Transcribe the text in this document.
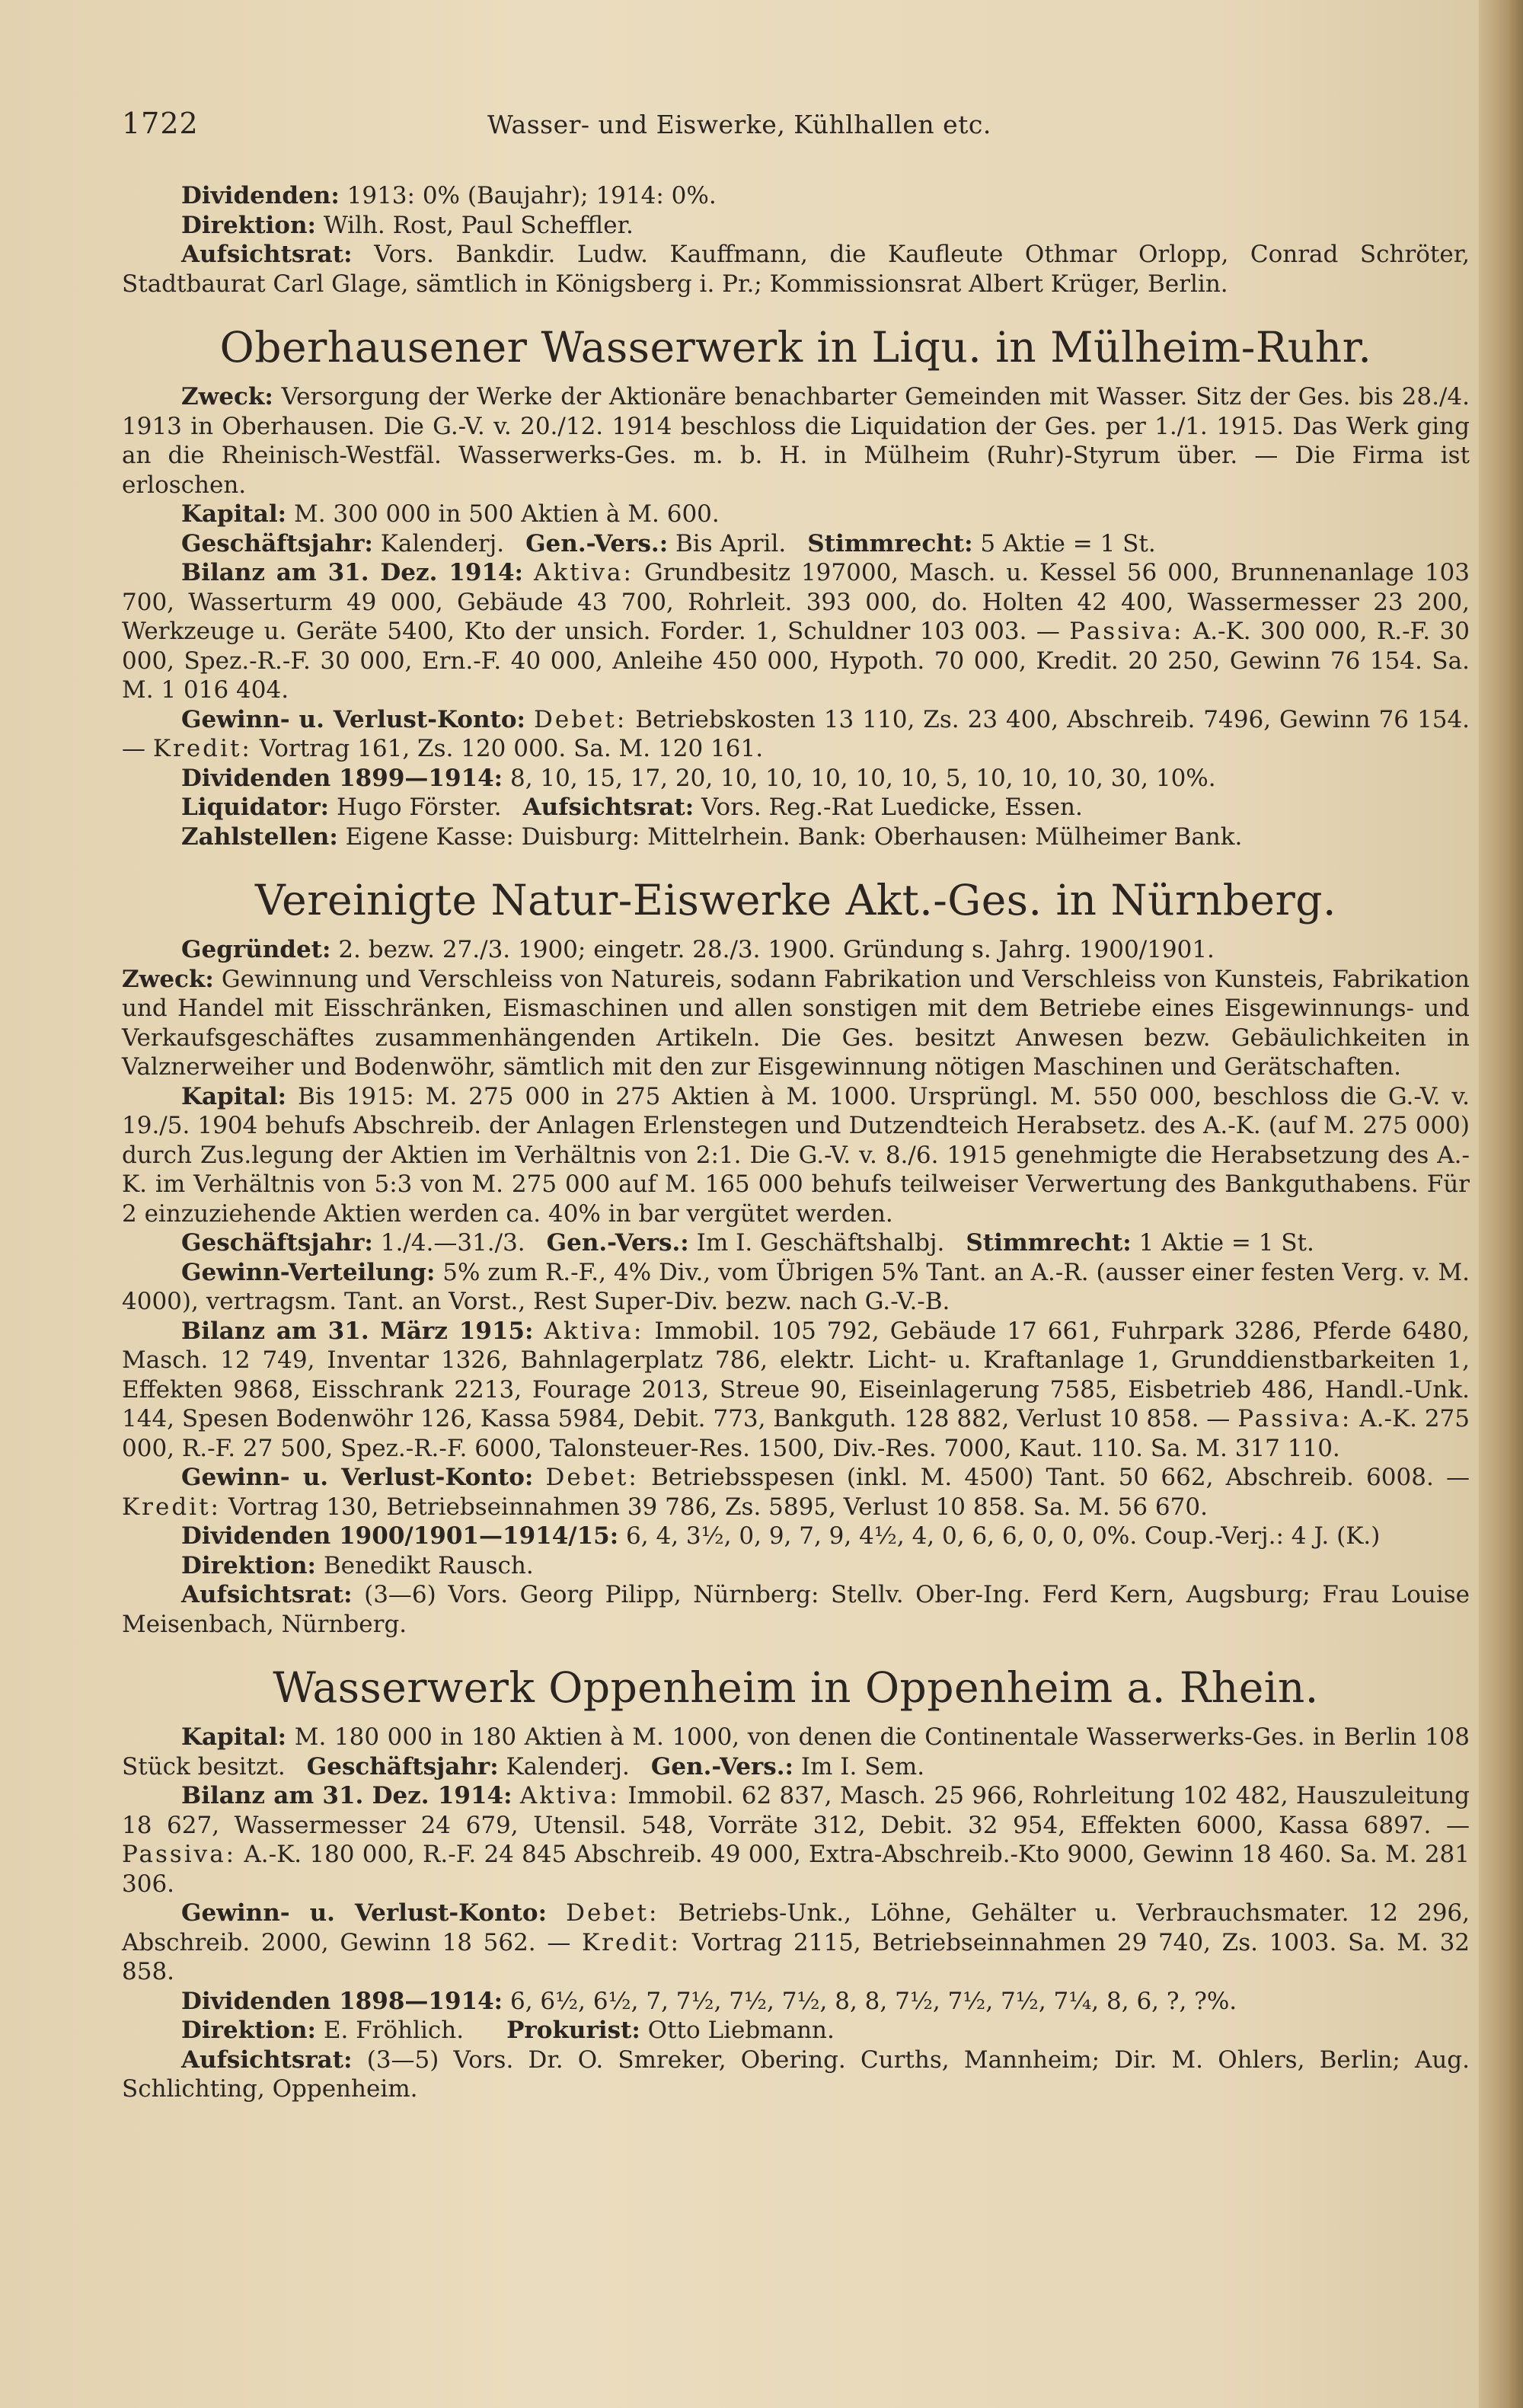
1722	Wasser- und Eiswerke, Kühlhallen etc.

Dividenden: 1913: 0% (Baujahr); 1914: 0%.

Direktion: Wilh. Rost, Paul Scheffler.

Aufsichtsrat: Vors. Bankdir. Ludw. Kauffmann, die Kaufleute Othmar Orlopp, Conrad Schröter, Stadtbaurat Carl Glage, sämtlich in Königsberg i. Pr.; Kommissionsrat Albert Krüger, Berlin.

Oberhausener Wasserwerk in Liqu. in Mülheim-Ruhr.

Zweck: Versorgung der Werke der Aktionäre benachbarter Gemeinden mit Wasser. Sitz der Ges. bis 28./4. 1913 in Oberhausen. Die G.-V. v. 20./12. 1914 beschloss die Liquidation der Ges. per 1./1. 1915. Das Werk ging an die Rheinisch-Westfäl. Wasserwerks-Ges. m. b. H. in Mülheim (Ruhr)-Styrum über. — Die Firma ist erloschen.

Kapital: M. 300 000 in 500 Aktien à M. 600.

Geschäftsjahr: Kalenderj. Gen.-Vers.: Bis April. Stimmrecht: 5 Aktie = 1 St.

Bilanz am 31. Dez. 1914: Aktiva: Grundbesitz 197000, Masch. u. Kessel 56 000, Brunnenanlage 103 700, Wasserturm 49 000, Gebäude 43 700, Rohrleit. 393 000, do. Holten 42 400, Wassermesser 23 200, Werkzeuge u. Geräte 5400, Kto der unsich. Forder. 1, Schuldner 103 003. — Passiva: A.-K. 300 000, R.-F. 30 000, Spez.-R.-F. 30 000, Ern.-F. 40 000, Anleihe 450 000, Hypoth. 70 000, Kredit. 20 250, Gewinn 76 154. Sa. M. 1 016 404.

Gewinn- u. Verlust-Konto: Debet: Betriebskosten 13 110, Zs. 23 400, Abschreib. 7496, Gewinn 76 154. — Kredit: Vortrag 161, Zs. 120 000. Sa. M. 120 161.

Dividenden 1899—1914: 8, 10, 15, 17, 20, 10, 10, 10, 10, 10, 5, 10, 10, 10, 30, 10%.

Liquidator: Hugo Förster. Aufsichtsrat: Vors. Reg.-Rat Luedicke, Essen.

Zahlstellen: Eigene Kasse: Duisburg: Mittelrhein. Bank: Oberhausen: Mülheimer Bank.

Vereinigte Natur-Eiswerke Akt.-Ges. in Nürnberg.

Gegründet: 2. bezw. 27./3. 1900; eingetr. 28./3. 1900. Gründung s. Jahrg. 1900/1901.

Zweck: Gewinnung und Verschleiss von Natureis, sodann Fabrikation und Verschleiss von Kunsteis, Fabrikation und Handel mit Eisschränken, Eismaschinen und allen sonstigen mit dem Betriebe eines Eisgewinnungs- und Verkaufsgeschäftes zusammenhängenden Artikeln. Die Ges. besitzt Anwesen bezw. Gebäulichkeiten in Valznerweiher und Bodenwöhr, sämtlich mit den zur Eisgewinnung nötigen Maschinen und Gerätschaften.

Kapital: Bis 1915: M. 275 000 in 275 Aktien à M. 1000. Ursprüngl. M. 550 000, beschloss die G.-V. v. 19./5. 1904 behufs Abschreib. der Anlagen Erlenstegen und Dutzendteich Herabsetz. des A.-K. (auf M. 275 000) durch Zus.legung der Aktien im Verhältnis von 2:1. Die G.-V. v. 8./6. 1915 genehmigte die Herabsetzung des A.-K. im Verhältnis von 5:3 von M. 275 000 auf M. 165 000 behufs teilweiser Verwertung des Bankguthabens. Für 2 einzuziehende Aktien werden ca. 40% in bar vergütet werden.

Geschäftsjahr: 1./4.—31./3. Gen.-Vers.: Im I. Geschäftshalbj. Stimmrecht: 1 Aktie = 1 St.

Gewinn-Verteilung: 5% zum R.-F., 4% Div., vom Übrigen 5% Tant. an A.-R. (ausser einer festen Verg. v. M. 4000), vertragsm. Tant. an Vorst., Rest Super-Div. bezw. nach G.-V.-B.

Bilanz am 31. März 1915: Aktiva: Immobil. 105 792, Gebäude 17 661, Fuhrpark 3286, Pferde 6480, Masch. 12 749, Inventar 1326, Bahnlagerplatz 786, elektr. Licht- u. Kraftanlage 1, Grunddienstbarkeiten 1, Effekten 9868, Eisschrank 2213, Fourage 2013, Streue 90, Eiseinlagerung 7585, Eisbetrieb 486, Handl.-Unk. 144, Spesen Bodenwöhr 126, Kassa 5984, Debit. 773, Bankguth. 128 882, Verlust 10 858. — Passiva: A.-K. 275 000, R.-F. 27 500, Spez.-R.-F. 6000, Talonsteuer-Res. 1500, Div.-Res. 7000, Kaut. 110. Sa. M. 317 110.

Gewinn- u. Verlust-Konto: Debet: Betriebsspesen (inkl. M. 4500) Tant. 50 662, Abschreib. 6008. — Kredit: Vortrag 130, Betriebseinnahmen 39 786, Zs. 5895, Verlust 10 858. Sa. M. 56 670.

Dividenden 1900/1901—1914/15: 6, 4, 3½, 0, 9, 7, 9, 4½, 4, 0, 6, 6, 0, 0, 0%. Coup.-Verj.: 4 J. (K.)

Direktion: Benedikt Rausch.

Aufsichtsrat: (3—6) Vors. Georg Pilipp, Nürnberg: Stellv. Ober-Ing. Ferd Kern, Augsburg; Frau Louise Meisenbach, Nürnberg.

Wasserwerk Oppenheim in Oppenheim a. Rhein.

Kapital: M. 180 000 in 180 Aktien à M. 1000, von denen die Continentale Wasserwerks-Ges. in Berlin 108 Stück besitzt. Geschäftsjahr: Kalenderj. Gen.-Vers.: Im I. Sem.

Bilanz am 31. Dez. 1914: Aktiva: Immobil. 62 837, Masch. 25 966, Rohrleitung 102 482, Hauszuleitung 18 627, Wassermesser 24 679, Utensil. 548, Vorräte 312, Debit. 32 954, Effekten 6000, Kassa 6897. — Passiva: A.-K. 180 000, R.-F. 24 845 Abschreib. 49 000, Extra-Abschreib.-Kto 9000, Gewinn 18 460. Sa. M. 281 306.

Gewinn- u. Verlust-Konto: Debet: Betriebs-Unk., Löhne, Gehälter u. Verbrauchsmater. 12 296, Abschreib. 2000, Gewinn 18 562. — Kredit: Vortrag 2115, Betriebseinnahmen 29 740, Zs. 1003. Sa. M. 32 858.

Dividenden 1898—1914: 6, 6½, 6½, 7, 7½, 7½, 7½, 8, 8, 7½, 7½, 7½, 7¼, 8, 6, ?, ?%.

Direktion: E. Fröhlich. Prokurist: Otto Liebmann.

Aufsichtsrat: (3—5) Vors. Dr. O. Smreker, Obering. Curths, Mannheim; Dir. M. Ohlers, Berlin; Aug. Schlichting, Oppenheim.
